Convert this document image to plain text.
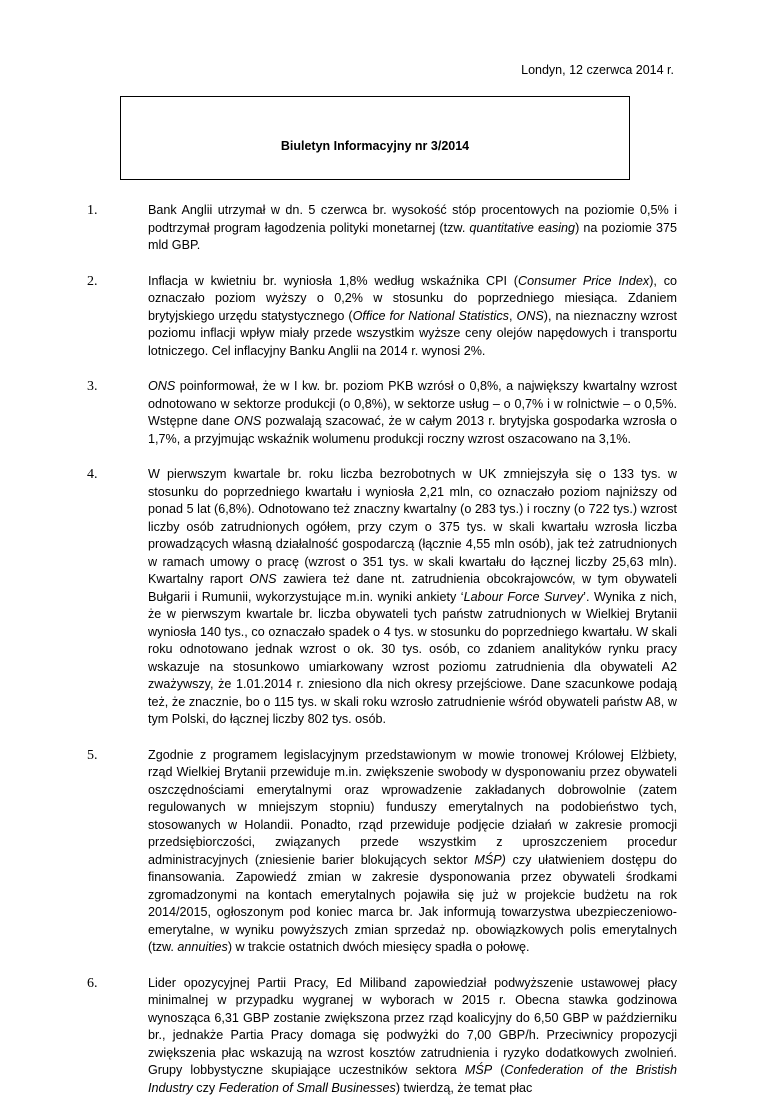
Londyn, 12 czerwca 2014 r.

Biuletyn Informacyjny nr 3/2014

1.	Bank Anglii utrzymał w dn. 5 czerwca br. wysokość stóp procentowych na poziomie 0,5% i podtrzymał program łagodzenia polityki monetarnej (tzw. quantitative easing) na poziomie 375 mld GBP.

2.	Inflacja w kwietniu br. wyniosła 1,8% według wskaźnika CPI (Consumer Price Index), co oznaczało poziom wyższy o 0,2% w stosunku do poprzedniego miesiąca. Zdaniem brytyjskiego urzędu statystycznego (Office for National Statistics, ONS), na nieznaczny wzrost poziomu inflacji wpływ miały przede wszystkim wyższe ceny olejów napędowych i transportu lotniczego. Cel inflacyjny Banku Anglii na 2014 r. wynosi 2%.

3.	ONS poinformował, że w I kw. br. poziom PKB wzrósł o 0,8%, a największy kwartalny wzrost odnotowano w sektorze produkcji (o 0,8%), w sektorze usług – o 0,7% i w rolnictwie – o 0,5%. Wstępne dane ONS pozwalają szacować, że w całym 2013 r. brytyjska gospodarka wzrosła o 1,7%, a przyjmując wskaźnik wolumenu produkcji roczny wzrost oszacowano na 3,1%.

4.	W pierwszym kwartale br. roku liczba bezrobotnych w UK zmniejszyła się o 133 tys. w stosunku do poprzedniego kwartału i wyniosła 2,21 mln, co oznaczało poziom najniższy od ponad 5 lat (6,8%). Odnotowano też znaczny kwartalny (o 283 tys.) i roczny (o 722 tys.) wzrost liczby osób zatrudnionych ogółem, przy czym o 375 tys. w skali kwartału wzrosła liczba prowadzących własną działalność gospodarczą (łącznie 4,55 mln osób), jak też zatrudnionych w ramach umowy o pracę (wzrost o 351 tys. w skali kwartału do łącznej liczby 25,63 mln). Kwartalny raport ONS zawiera też dane nt. zatrudnienia obcokrajowców, w tym obywateli Bułgarii i Rumunii, wykorzystujące m.in. wyniki ankiety ‘Labour Force Survey’. Wynika z nich, że w pierwszym kwartale br. liczba obywateli tych państw zatrudnionych w Wielkiej Brytanii wyniosła 140 tys., co oznaczało spadek o 4 tys. w stosunku do poprzedniego kwartału. W skali roku odnotowano jednak wzrost o ok. 30 tys. osób, co zdaniem analityków rynku pracy wskazuje na stosunkowo umiarkowany wzrost poziomu zatrudnienia dla obywateli A2 zważywszy, że 1.01.2014 r. zniesiono dla nich okresy przejściowe. Dane szacunkowe podają też, że znacznie, bo o 115 tys. w skali roku wzrosło zatrudnienie wśród obywateli państw A8, w tym Polski, do łącznej liczby 802 tys. osób.

5.	Zgodnie z programem legislacyjnym przedstawionym w mowie tronowej Królowej Elżbiety, rząd Wielkiej Brytanii przewiduje m.in. zwiększenie swobody w dysponowaniu przez obywateli oszczędnościami emerytalnymi oraz wprowadzenie zakładanych dobrowolnie (zatem regulowanych w mniejszym stopniu) funduszy emerytalnych na podobieństwo tych, stosowanych w Holandii. Ponadto, rząd przewiduje podjęcie działań w zakresie promocji przedsiębiorczości, związanych przede wszystkim z uproszczeniem procedur administracyjnych (zniesienie barier blokujących sektor MŚP) czy ułatwieniem dostępu do finansowania. Zapowiedź zmian w zakresie dysponowania przez obywateli środkami zgromadzonymi na kontach emerytalnych pojawiła się już w projekcie budżetu na rok 2014/2015, ogłoszonym pod koniec marca br. Jak informują towarzystwa ubezpieczeniowo-emerytalne, w wyniku powyższych zmian sprzedaż np. obowiązkowych polis emerytalnych (tzw. annuities) w trakcie ostatnich dwóch miesięcy spadła o połowę.

6.	Lider opozycyjnej Partii Pracy, Ed Miliband zapowiedział podwyższenie ustawowej płacy minimalnej w przypadku wygranej w wyborach w 2015 r. Obecna stawka godzinowa wynosząca 6,31 GBP zostanie zwiększona przez rząd koalicyjny do 6,50 GBP w październiku br., jednakże Partia Pracy domaga się podwyżki do 7,00 GBP/h. Przeciwnicy propozycji zwiększenia płac wskazują na wzrost kosztów zatrudnienia i ryzyko dodatkowych zwolnień. Grupy lobbystyczne skupiające uczestników sektora MŚP (Confederation of the Bristish Industry czy Federation of Small Businesses) twierdzą, że temat płac
